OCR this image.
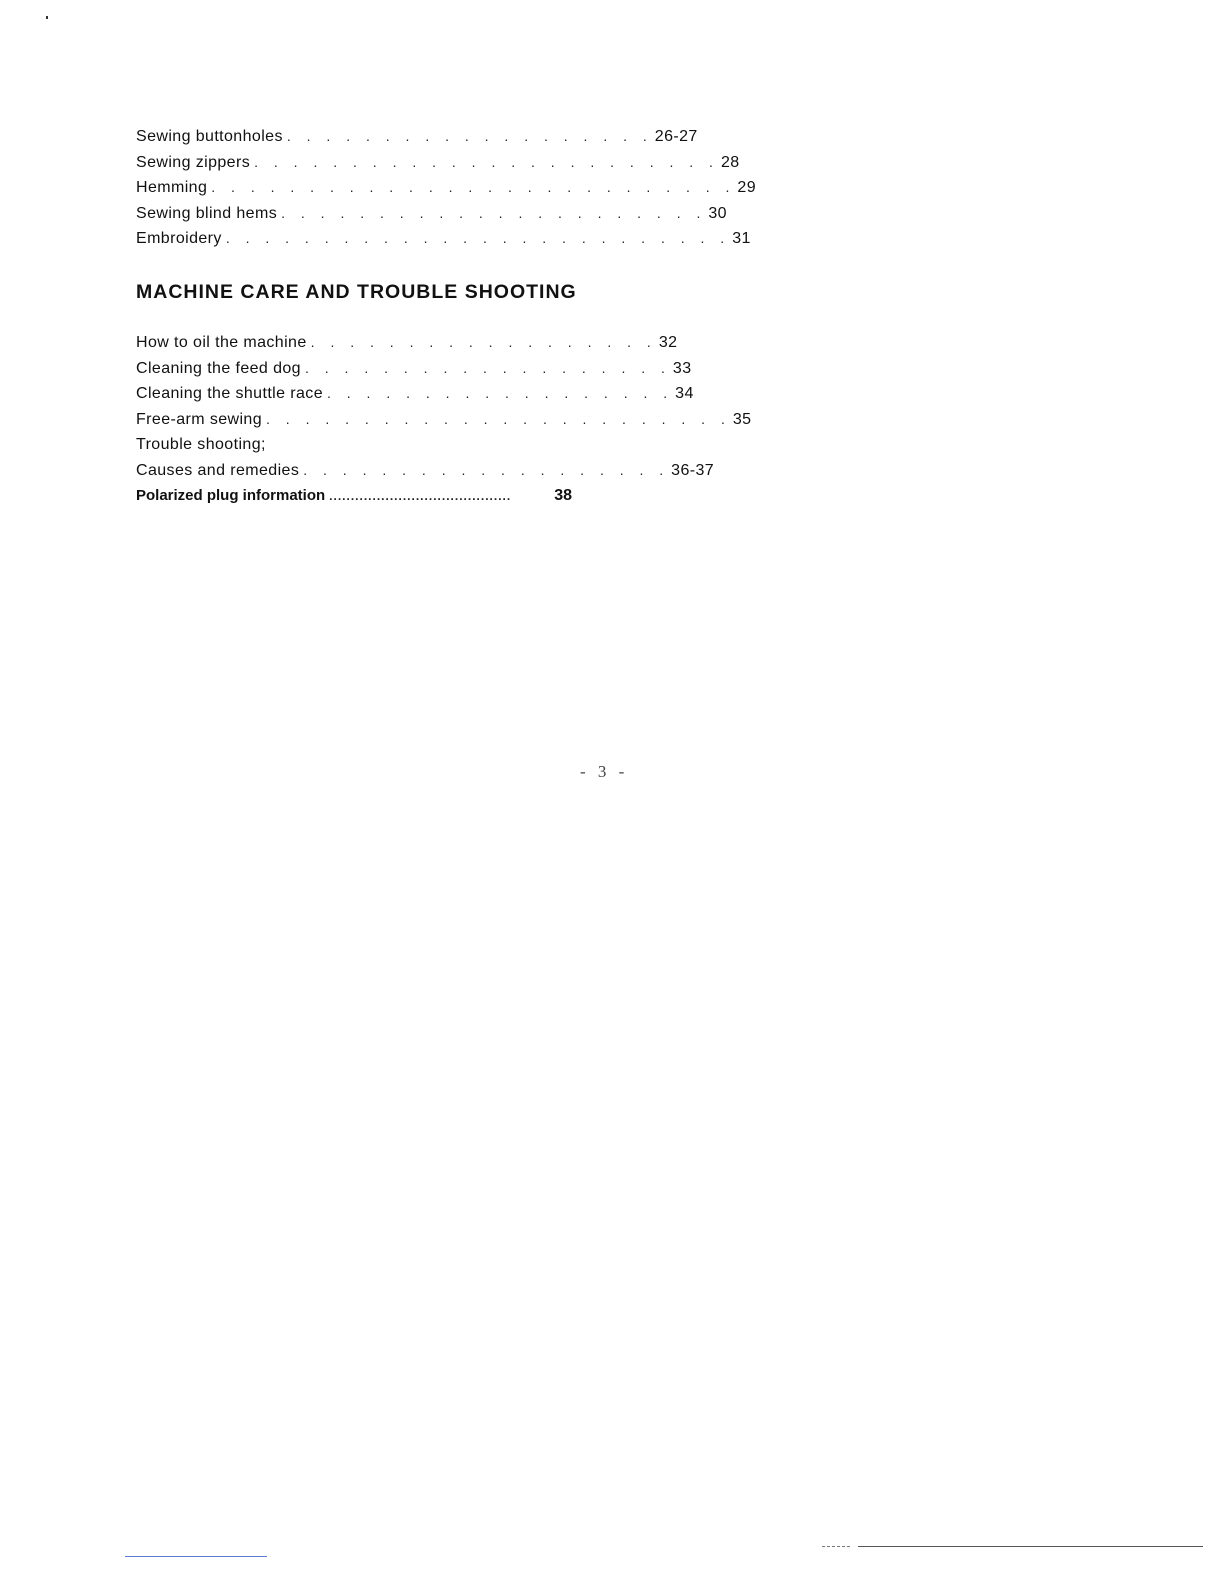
Sewing buttonholes . . . . . . . . . . . . . . . . . . . 26-27
Sewing zippers . . . . . . . . . . . . . . . . . . . . . . . . 28
Hemming . . . . . . . . . . . . . . . . . . . . . . . . . . . 29
Sewing blind hems . . . . . . . . . . . . . . . . . . . . . . 30
Embroidery . . . . . . . . . . . . . . . . . . . . . . . . . . 31
MACHINE CARE AND TROUBLE SHOOTING
How to oil the machine . . . . . . . . . . . . . . . . . . 32
Cleaning the feed dog . . . . . . . . . . . . . . . . . . . 33
Cleaning the shuttle race . . . . . . . . . . . . . . . . . . 34
Free-arm sewing . . . . . . . . . . . . . . . . . . . . . . . . 35
Trouble shooting;
Causes and remedies . . . . . . . . . . . . . . . . . . . 36-37
Polarized plug information ..........................................	38
- 3 -
